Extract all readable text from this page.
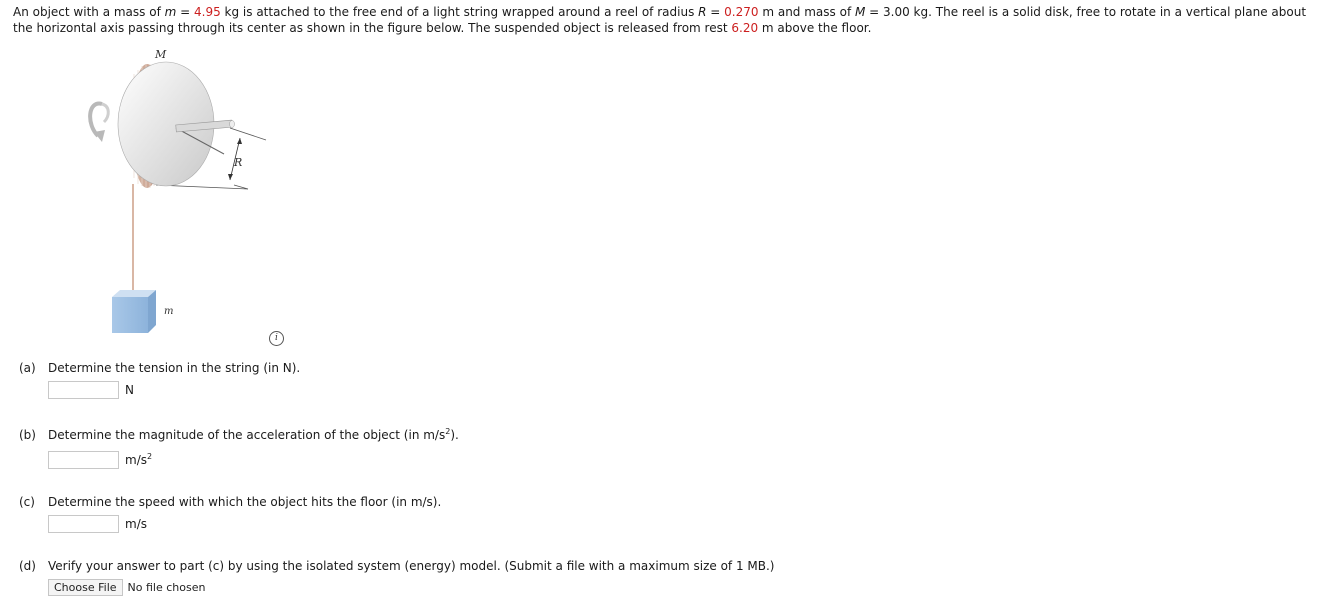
An object with a mass of m = 4.95 kg is attached to the free end of a light string wrapped around a reel of radius R = 0.270 m and mass of M = 3.00 kg. The reel is a solid disk, free to rotate in a vertical plane about the horizontal axis passing through its center as shown in the figure below. The suspended object is released from rest 6.20 m above the floor.
M
R
m
i
(a) Determine the tension in the string (in N).
N
(b) Determine the magnitude of the acceleration of the object (in $m/s^2$).
$m/s^2$
(c) Determine the speed with which the object hits the floor (in m/s).
m/s
(d) Verify your answer to part (c) by using the isolated system (energy) model. (Submit a file with a maximum size of 1 MB.)
Choose File	No file chosen
